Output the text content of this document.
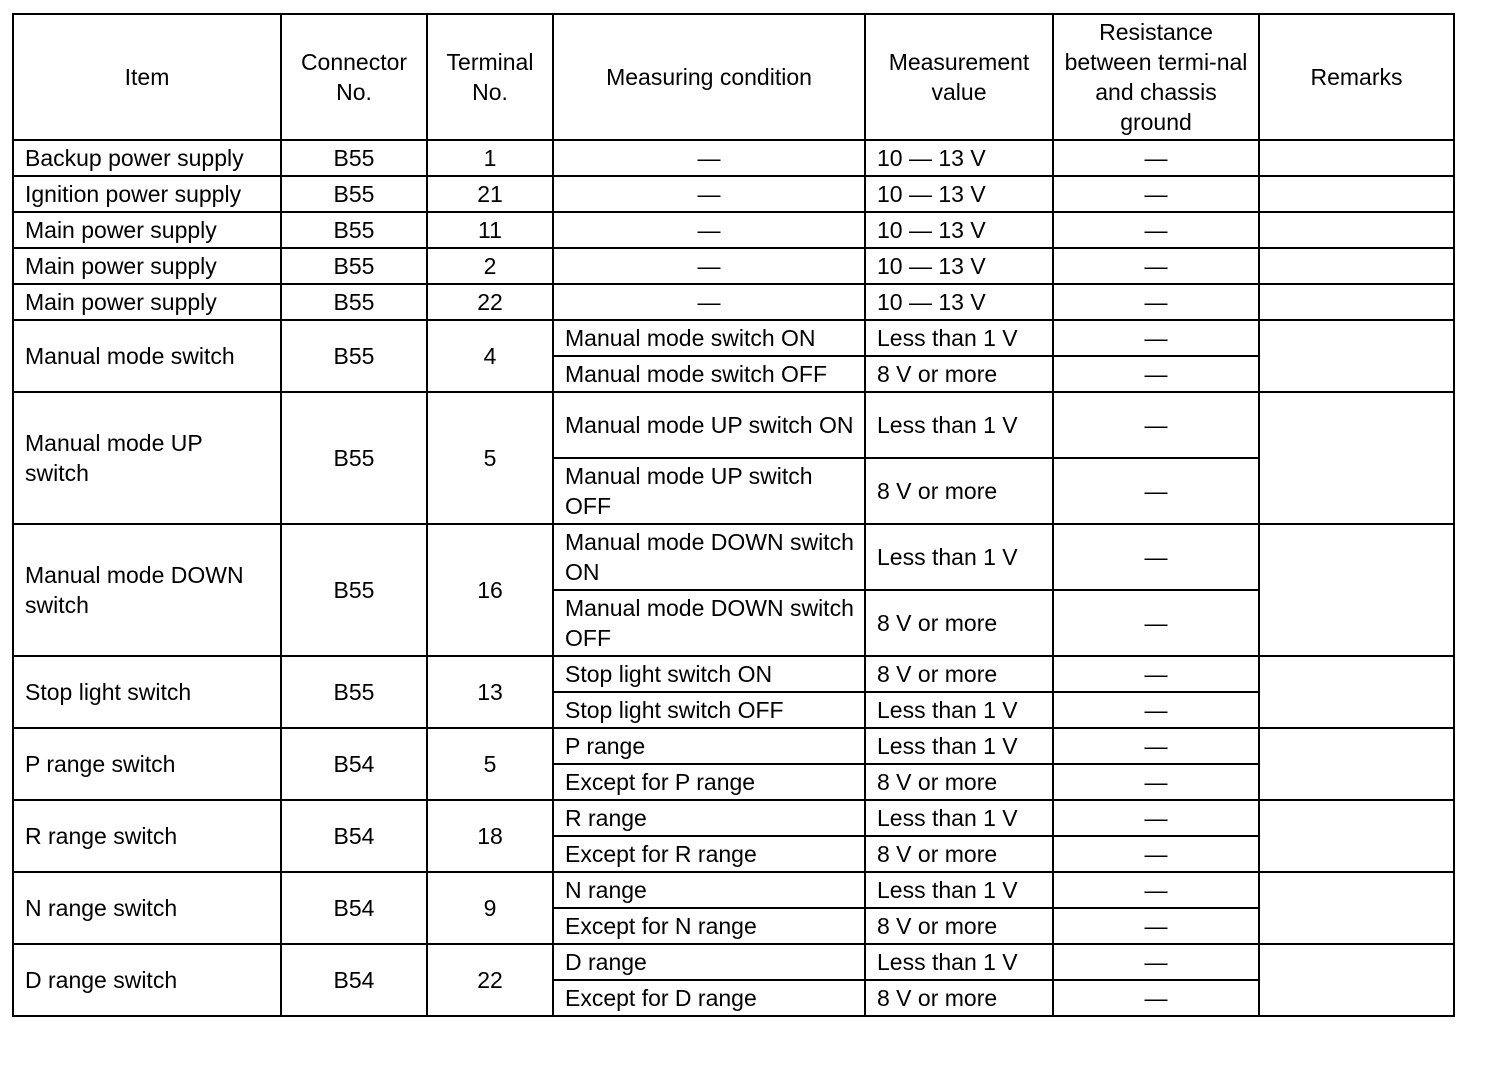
Item	Connector No.	Terminal No.	Measuring condition	Measurement value	Resistance between termi-nal and chassis ground	Remarks
Backup power supply	B55	1	—	10 — 13 V	—	
Ignition power supply	B55	21	—	10 — 13 V	—	
Main power supply	B55	11	—	10 — 13 V	—	
Main power supply	B55	2	—	10 — 13 V	—	
Main power supply	B55	22	—	10 — 13 V	—	
Manual mode switch	B55	4	Manual mode switch ON	Less than 1 V	—	
			Manual mode switch OFF	8 V or more	—	
Manual mode UP switch	B55	5	Manual mode UP switch ON	Less than 1 V	—	
			Manual mode UP switch OFF	8 V or more	—	
Manual mode DOWN switch	B55	16	Manual mode DOWN switch ON	Less than 1 V	—	
			Manual mode DOWN switch OFF	8 V or more	—	
Stop light switch	B55	13	Stop light switch ON	8 V or more	—	
			Stop light switch OFF	Less than 1 V	—	
P range switch	B54	5	P range	Less than 1 V	—	
			Except for P range	8 V or more	—	
R range switch	B54	18	R range	Less than 1 V	—	
			Except for R range	8 V or more	—	
N range switch	B54	9	N range	Less than 1 V	—	
			Except for N range	8 V or more	—	
D range switch	B54	22	D range	Less than 1 V	—	
			Except for D range	8 V or more	—	
